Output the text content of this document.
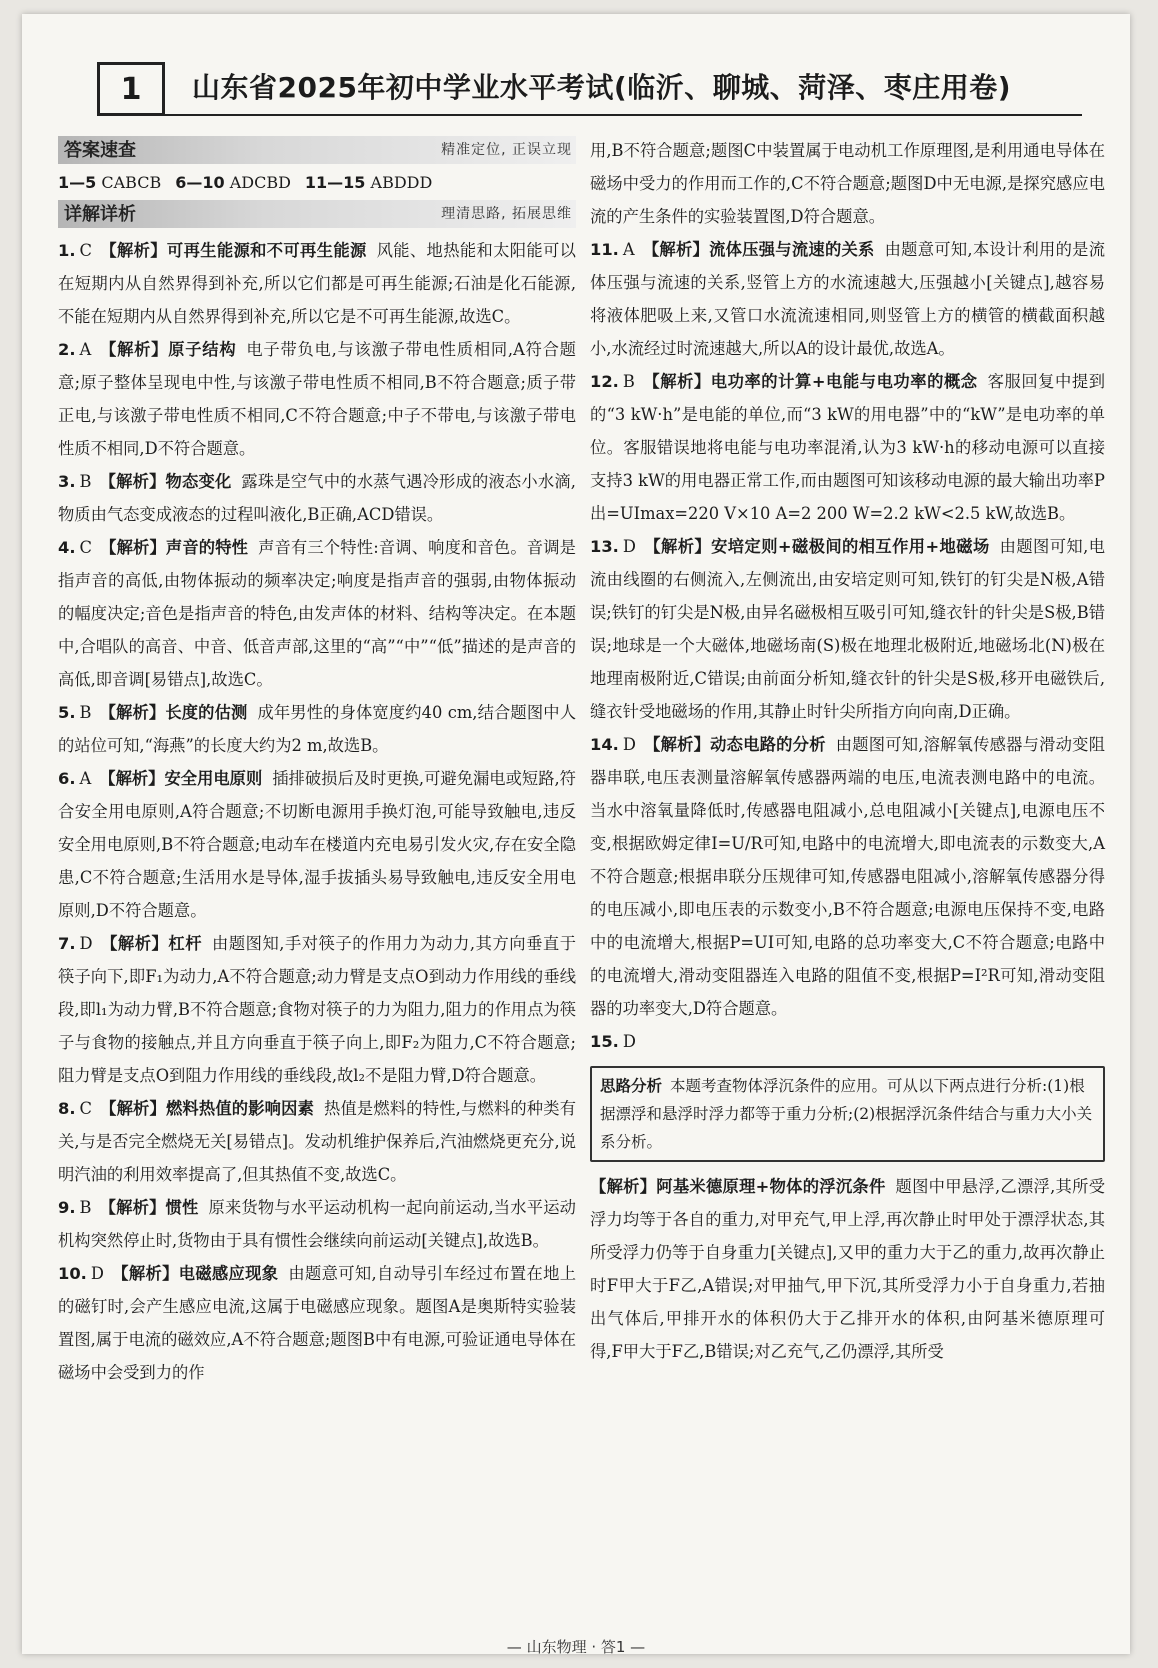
1	山东省2025年初中学业水平考试(临沂、聊城、菏泽、枣庄用卷)
答案速查	精准定位, 正误立现
1—5 CABCB 6—10 ADCBD 11—15 ABDDD
详解详析	理清思路, 拓展思维

1. C 【解析】可再生能源和不可再生能源 风能、地热能和太阳能可以在短期内从自然界得到补充,所以它们都是可再生能源;石油是化石能源,不能在短期内从自然界得到补充,所以它是不可再生能源,故选C。

2. A 【解析】原子结构 电子带负电,与该激子带电性质相同,A符合题意;原子整体呈现电中性,与该激子带电性质不相同,B不符合题意;质子带正电,与该激子带电性质不相同,C不符合题意;中子不带电,与该激子带电性质不相同,D不符合题意。

3. B 【解析】物态变化 露珠是空气中的水蒸气遇冷形成的液态小水滴,物质由气态变成液态的过程叫液化,B正确,ACD错误。

4. C 【解析】声音的特性 声音有三个特性:音调、响度和音色。音调是指声音的高低,由物体振动的频率决定;响度是指声音的强弱,由物体振动的幅度决定;音色是指声音的特色,由发声体的材料、结构等决定。在本题中,合唱队的高音、中音、低音声部,这里的“高”“中”“低”描述的是声音的高低,即音调[易错点],故选C。

5. B 【解析】长度的估测 成年男性的身体宽度约40 cm,结合题图中人的站位可知,“海燕”的长度大约为2 m,故选B。

6. A 【解析】安全用电原则 插排破损后及时更换,可避免漏电或短路,符合安全用电原则,A符合题意;不切断电源用手换灯泡,可能导致触电,违反安全用电原则,B不符合题意;电动车在楼道内充电易引发火灾,存在安全隐患,C不符合题意;生活用水是导体,湿手拔插头易导致触电,违反安全用电原则,D不符合题意。

7. D 【解析】杠杆 由题图知,手对筷子的作用力为动力,其方向垂直于筷子向下,即F₁为动力,A不符合题意;动力臂是支点O到动力作用线的垂线段,即l₁为动力臂,B不符合题意;食物对筷子的力为阻力,阻力的作用点为筷子与食物的接触点,并且方向垂直于筷子向上,即F₂为阻力,C不符合题意;阻力臂是支点O到阻力作用线的垂线段,故l₂不是阻力臂,D符合题意。

8. C 【解析】燃料热值的影响因素 热值是燃料的特性,与燃料的种类有关,与是否完全燃烧无关[易错点]。发动机维护保养后,汽油燃烧更充分,说明汽油的利用效率提高了,但其热值不变,故选C。

9. B 【解析】惯性 原来货物与水平运动机构一起向前运动,当水平运动机构突然停止时,货物由于具有惯性会继续向前运动[关键点],故选B。

10. D 【解析】电磁感应现象 由题意可知,自动导引车经过布置在地上的磁钉时,会产生感应电流,这属于电磁感应现象。题图A是奥斯特实验装置图,属于电流的磁效应,A不符合题意;题图B中有电源,可验证通电导体在磁场中会受到力的作

用,B不符合题意;题图C中装置属于电动机工作原理图,是利用通电导体在磁场中受力的作用而工作的,C不符合题意;题图D中无电源,是探究感应电流的产生条件的实验装置图,D符合题意。

11. A 【解析】流体压强与流速的关系 由题意可知,本设计利用的是流体压强与流速的关系,竖管上方的水流速越大,压强越小[关键点],越容易将液体肥吸上来,又管口水流流速相同,则竖管上方的横管的横截面积越小,水流经过时流速越大,所以A的设计最优,故选A。

12. B 【解析】电功率的计算+电能与电功率的概念 客服回复中提到的“3 kW·h”是电能的单位,而“3 kW的用电器”中的“kW”是电功率的单位。客服错误地将电能与电功率混淆,认为3 kW·h的移动电源可以直接支持3 kW的用电器正常工作,而由题图可知该移动电源的最大输出功率P出=UImax=220 V×10 A=2 200 W=2.2 kW<2.5 kW,故选B。

13. D 【解析】安培定则+磁极间的相互作用+地磁场 由题图可知,电流由线圈的右侧流入,左侧流出,由安培定则可知,铁钉的钉尖是N极,A错误;铁钉的钉尖是N极,由异名磁极相互吸引可知,缝衣针的针尖是S极,B错误;地球是一个大磁体,地磁场南(S)极在地理北极附近,地磁场北(N)极在地理南极附近,C错误;由前面分析知,缝衣针的针尖是S极,移开电磁铁后,缝衣针受地磁场的作用,其静止时针尖所指方向向南,D正确。

14. D 【解析】动态电路的分析 由题图可知,溶解氧传感器与滑动变阻器串联,电压表测量溶解氧传感器两端的电压,电流表测电路中的电流。当水中溶氧量降低时,传感器电阻减小,总电阻减小[关键点],电源电压不变,根据欧姆定律I=U/R可知,电路中的电流增大,即电流表的示数变大,A不符合题意;根据串联分压规律可知,传感器电阻减小,溶解氧传感器分得的电压减小,即电压表的示数变小,B不符合题意;电源电压保持不变,电路中的电流增大,根据P=UI可知,电路的总功率变大,C不符合题意;电路中的电流增大,滑动变阻器连入电路的阻值不变,根据P=I²R可知,滑动变阻器的功率变大,D符合题意。

15. D

思路分析 本题考查物体浮沉条件的应用。可从以下两点进行分析:(1)根据漂浮和悬浮时浮力都等于重力分析;(2)根据浮沉条件结合与重力大小关系分析。

【解析】阿基米德原理+物体的浮沉条件 题图中甲悬浮,乙漂浮,其所受浮力均等于各自的重力,对甲充气,甲上浮,再次静止时甲处于漂浮状态,其所受浮力仍等于自身重力[关键点],又甲的重力大于乙的重力,故再次静止时F甲大于F乙,A错误;对甲抽气,甲下沉,其所受浮力小于自身重力,若抽出气体后,甲排开水的体积仍大于乙排开水的体积,由阿基米德原理可得,F甲大于F乙,B错误;对乙充气,乙仍漂浮,其所受

— 山东物理 · 答1 —
